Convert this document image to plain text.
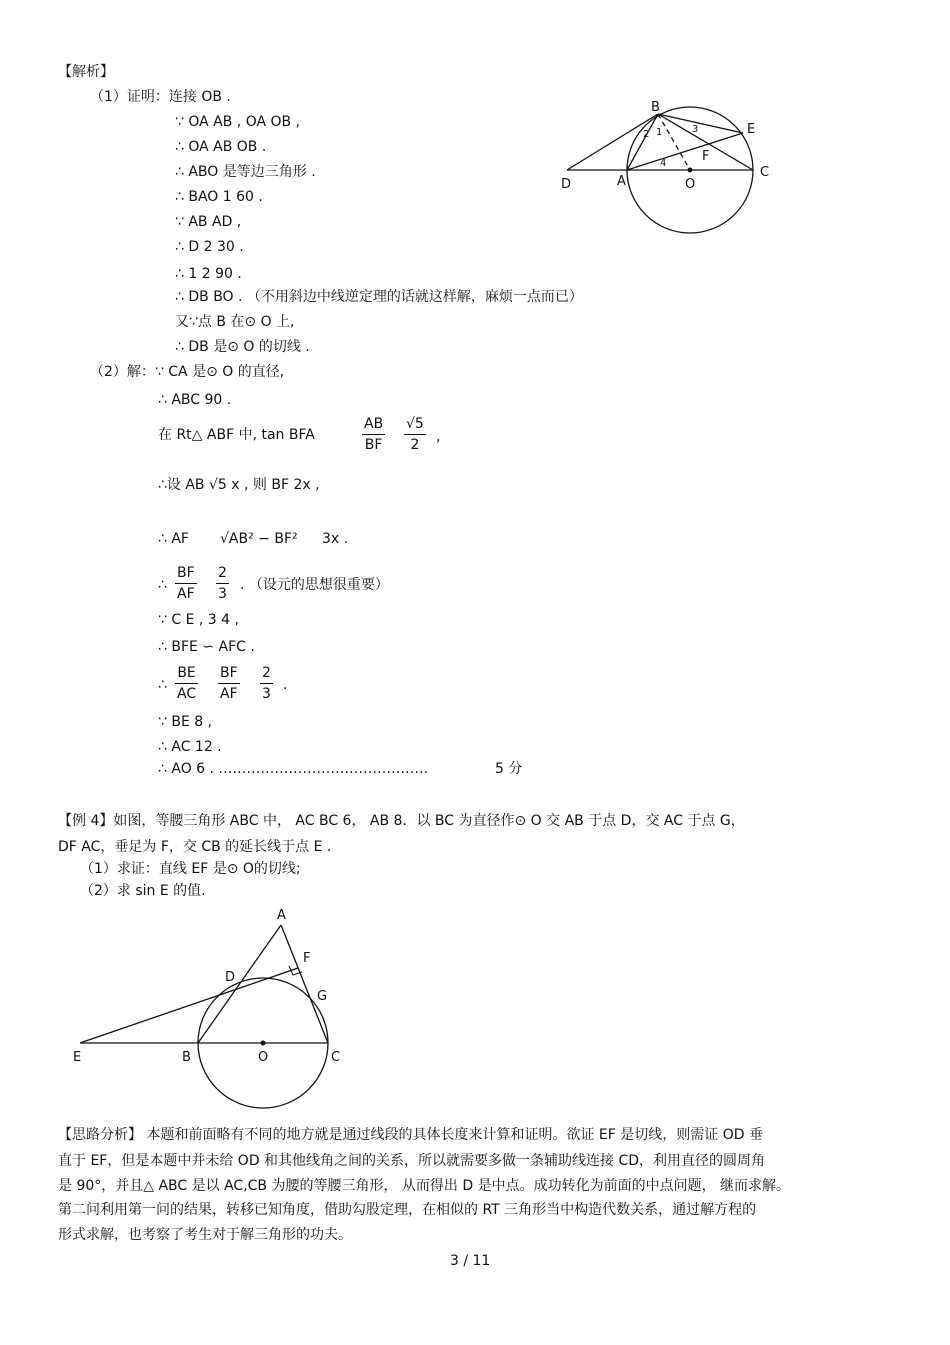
【解析】
（1）证明：连接 OB .
∵ OA AB , OA OB ,
∴ OA AB OB .
∴ ABO 是等边三角形 .
∴ BAO 1 60 .
∵ AB AD ,
∴ D 2 30 .
∴ 1 2 90 .
∴ DB BO . （不用斜边中线逆定理的话就这样解，麻烦一点而已）
又∵点 B 在⊙ O 上,
∴ DB 是⊙ O 的切线 .
B
E
D	A	O
C
F
1
2	3
4
（2）解：∵ CA 是⊙ O 的直径,
∴ ABC 90 .
在 Rt△ ABF 中, tan BFA
AB
BF
√5
2 ,
∴设 AB √5 x , 则 BF 2x ,
∴ AF √AB² − BF² 3x .
∴
BF
AF
2
3
. （设元的思想很重要）
∵ C E , 3 4 ,
∴ BFE ∽ AFC .
∴
BE
AC
BF
AF
2
3
.
∵ BE 8 ,
∴ AC 12 .
∴ AO 6 . ………………………………………	5 分
【例 4】如图，等腰三角形 ABC 中， AC BC 6， AB 8．以 BC 为直径作⊙ O 交 AB 于点 D，交 AC 于点 G，
DF AC，垂足为 F，交 CB 的延长线于点 E .
（1）求证：直线 EF 是⊙ O的切线;
（2）求 sin E 的值.
A
F
D
G
E	B	O	C
【思路分析】 本题和前面略有不同的地方就是通过线段的具体长度来计算和证明。欲证 EF 是切线，则需证 OD 垂
直于 EF，但是本题中并未给 OD 和其他线角之间的关系，所以就需要多做一条辅助线连接 CD，利用直径的圆周角
是 90°，并且△ ABC 是以 AC,CB 为腰的等腰三角形， 从而得出 D 是中点。成功转化为前面的中点问题， 继而求解。
第二问利用第一问的结果，转移已知角度，借助勾股定理，在相似的 RT 三角形当中构造代数关系，通过解方程的
形式求解，也考察了考生对于解三角形的功夫。
3 / 11
